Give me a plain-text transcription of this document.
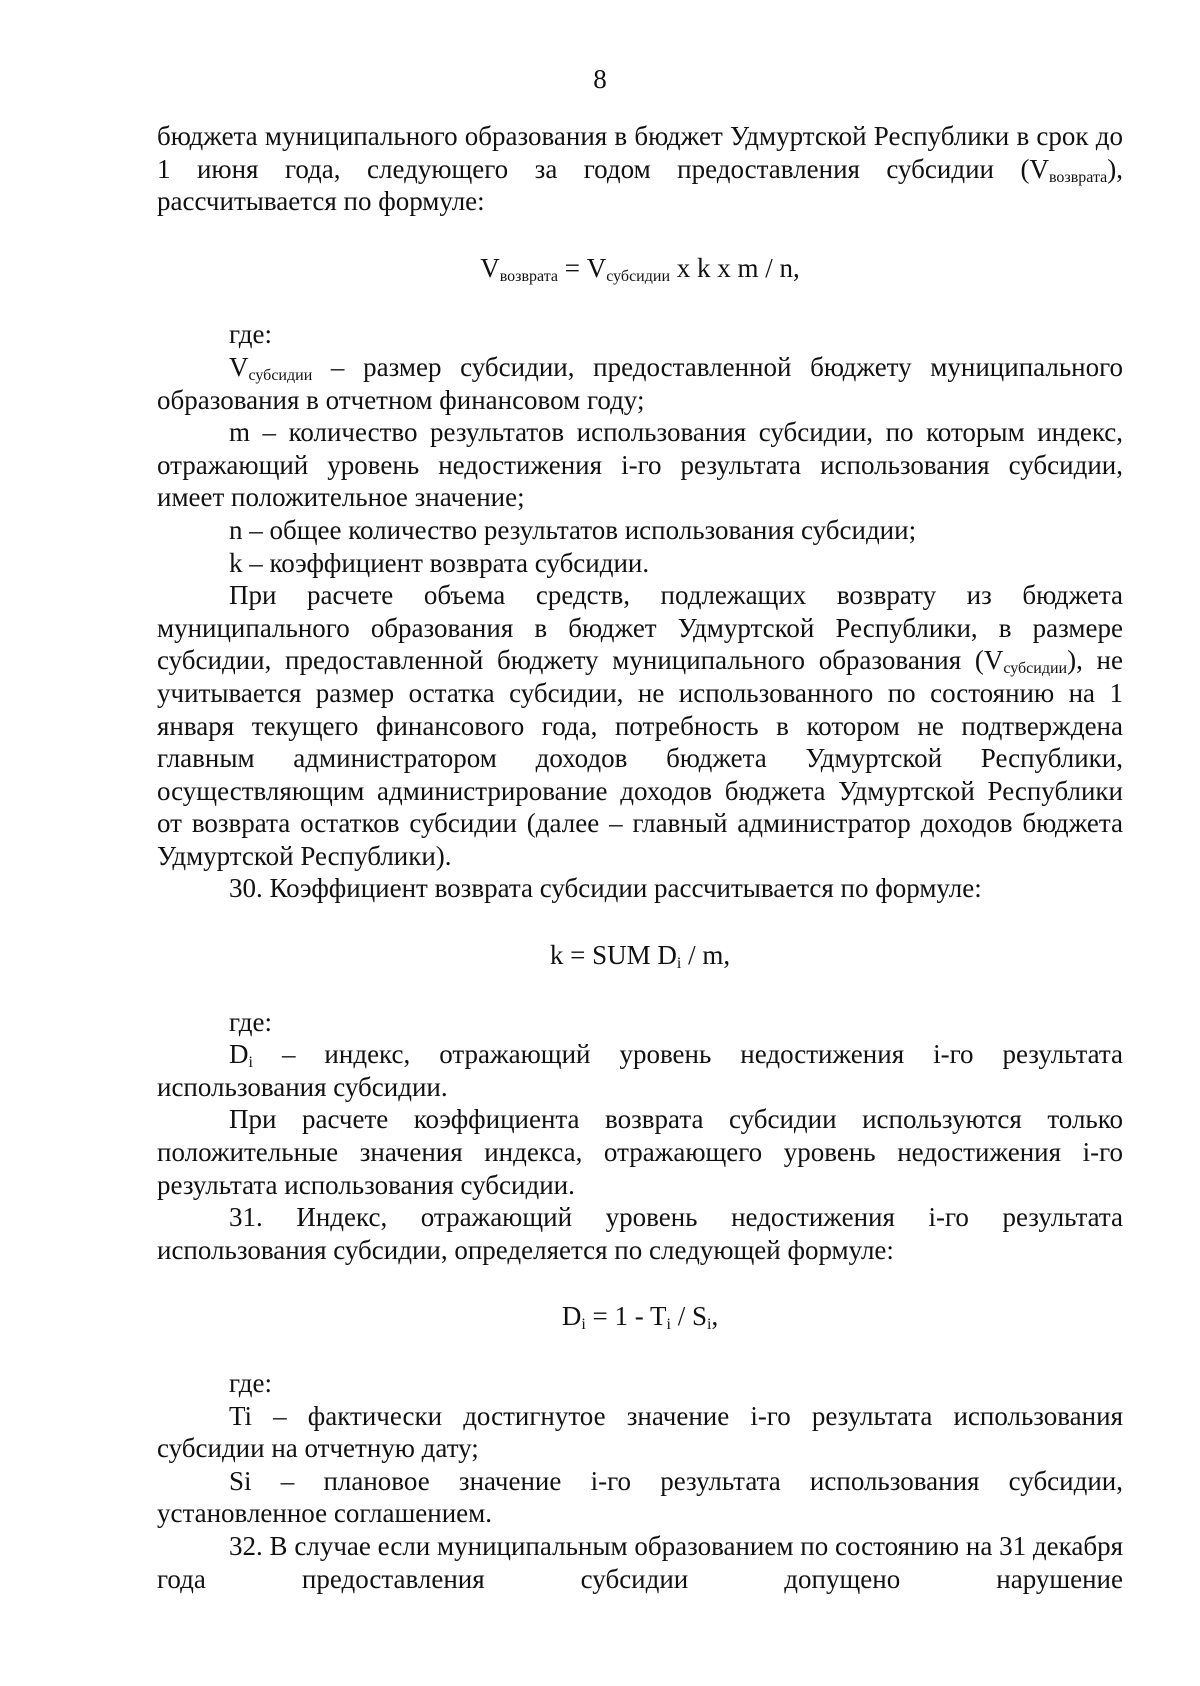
8

бюджета муниципального образования в бюджет Удмуртской Республики в срок до 1 июня года, следующего за годом предоставления субсидии $(V_{возврата})$, рассчитывается по формуле:

$V_{возврата} = V_{субсидии}$ x k x m / n,

где:

$V_{субсидии}$ – размер субсидии, предоставленной бюджету муниципального образования в отчетном финансовом году;

m – количество результатов использования субсидии, по которым индекс, отражающий уровень недостижения i-го результата использования субсидии, имеет положительное значение;

n – общее количество результатов использования субсидии;

k – коэффициент возврата субсидии.

При расчете объема средств, подлежащих возврату из бюджета муниципального образования в бюджет Удмуртской Республики, в размере субсидии, предоставленной бюджету муниципального образования $(V_{субсидии})$, не учитывается размер остатка субсидии, не использованного по состоянию на 1 января текущего финансового года, потребность в котором не подтверждена главным администратором доходов бюджета Удмуртской Республики, осуществляющим администрирование доходов бюджета Удмуртской Республики от возврата остатков субсидии (далее – главный администратор доходов бюджета Удмуртской Республики).

30. Коэффициент возврата субсидии рассчитывается по формуле:

k = SUM $D_i$ / m,

где:

$D_i$ – индекс, отражающий уровень недостижения i-го результата использования субсидии.

При расчете коэффициента возврата субсидии используются только положительные значения индекса, отражающего уровень недостижения i-го результата использования субсидии.

31. Индекс, отражающий уровень недостижения i-го результата использования субсидии, определяется по следующей формуле:

$D_i = 1 - T_i / S_i$,

где:

Ti – фактически достигнутое значение i-го результата использования субсидии на отчетную дату;

Si – плановое значение i-го результата использования субсидии, установленное соглашением.

32. В случае если муниципальным образованием по состоянию на 31 декабря года предоставления субсидии допущено нарушение
